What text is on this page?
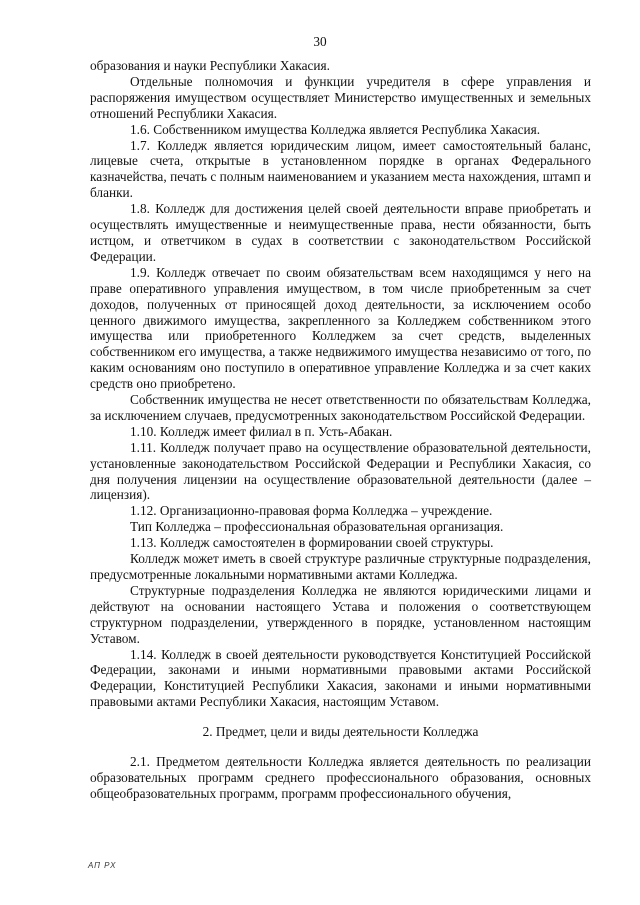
30

образования и науки Республики Хакасия.

Отдельные полномочия и функции учредителя в сфере управления и распоряжения имуществом осуществляет Министерство имущественных и земельных отношений Республики Хакасия.

1.6. Собственником имущества Колледжа является Республика Хакасия.

1.7. Колледж является юридическим лицом, имеет самостоятельный баланс, лицевые счета, открытые в установленном порядке в органах Федерального казначейства, печать с полным наименованием и указанием места нахождения, штамп и бланки.

1.8. Колледж для достижения целей своей деятельности вправе приобретать и осуществлять имущественные и неимущественные права, нести обязанности, быть истцом, и ответчиком в судах в соответствии с законодательством Российской Федерации.

1.9. Колледж отвечает по своим обязательствам всем находящимся у него на праве оперативного управления имуществом, в том числе приобретенным за счет доходов, полученных от приносящей доход деятельности, за исключением особо ценного движимого имущества, закрепленного за Колледжем собственником этого имущества или приобретенного Колледжем за счет средств, выделенных собственником его имущества, а также недвижимого имущества независимо от того, по каким основаниям оно поступило в оперативное управление Колледжа и за счет каких средств оно приобретено.

Собственник имущества не несет ответственности по обязательствам Колледжа, за исключением случаев, предусмотренных законодательством Российской Федерации.

1.10. Колледж имеет филиал в п. Усть-Абакан.

1.11. Колледж получает право на осуществление образовательной деятельности, установленные законодательством Российской Федерации и Республики Хакасия, со дня получения лицензии на осуществление образовательной деятельности (далее – лицензия).

1.12. Организационно-правовая форма Колледжа – учреждение.

Тип Колледжа – профессиональная образовательная организация.

1.13. Колледж самостоятелен в формировании своей структуры.

Колледж может иметь в своей структуре различные структурные подразделения, предусмотренные локальными нормативными актами Колледжа.

Структурные подразделения Колледжа не являются юридическими лицами и действуют на основании настоящего Устава и положения о соответствующем структурном подразделении, утвержденного в порядке, установленном настоящим Уставом.

1.14. Колледж в своей деятельности руководствуется Конституцией Российской Федерации, законами и иными нормативными правовыми актами Российской Федерации, Конституцией Республики Хакасия, законами и иными нормативными правовыми актами Республики Хакасия, настоящим Уставом.

2. Предмет, цели и виды деятельности Колледжа

2.1. Предметом деятельности Колледжа является деятельность по реализации образовательных программ среднего профессионального образования, основных общеобразовательных программ, программ профессионального обучения,

АП РХ
